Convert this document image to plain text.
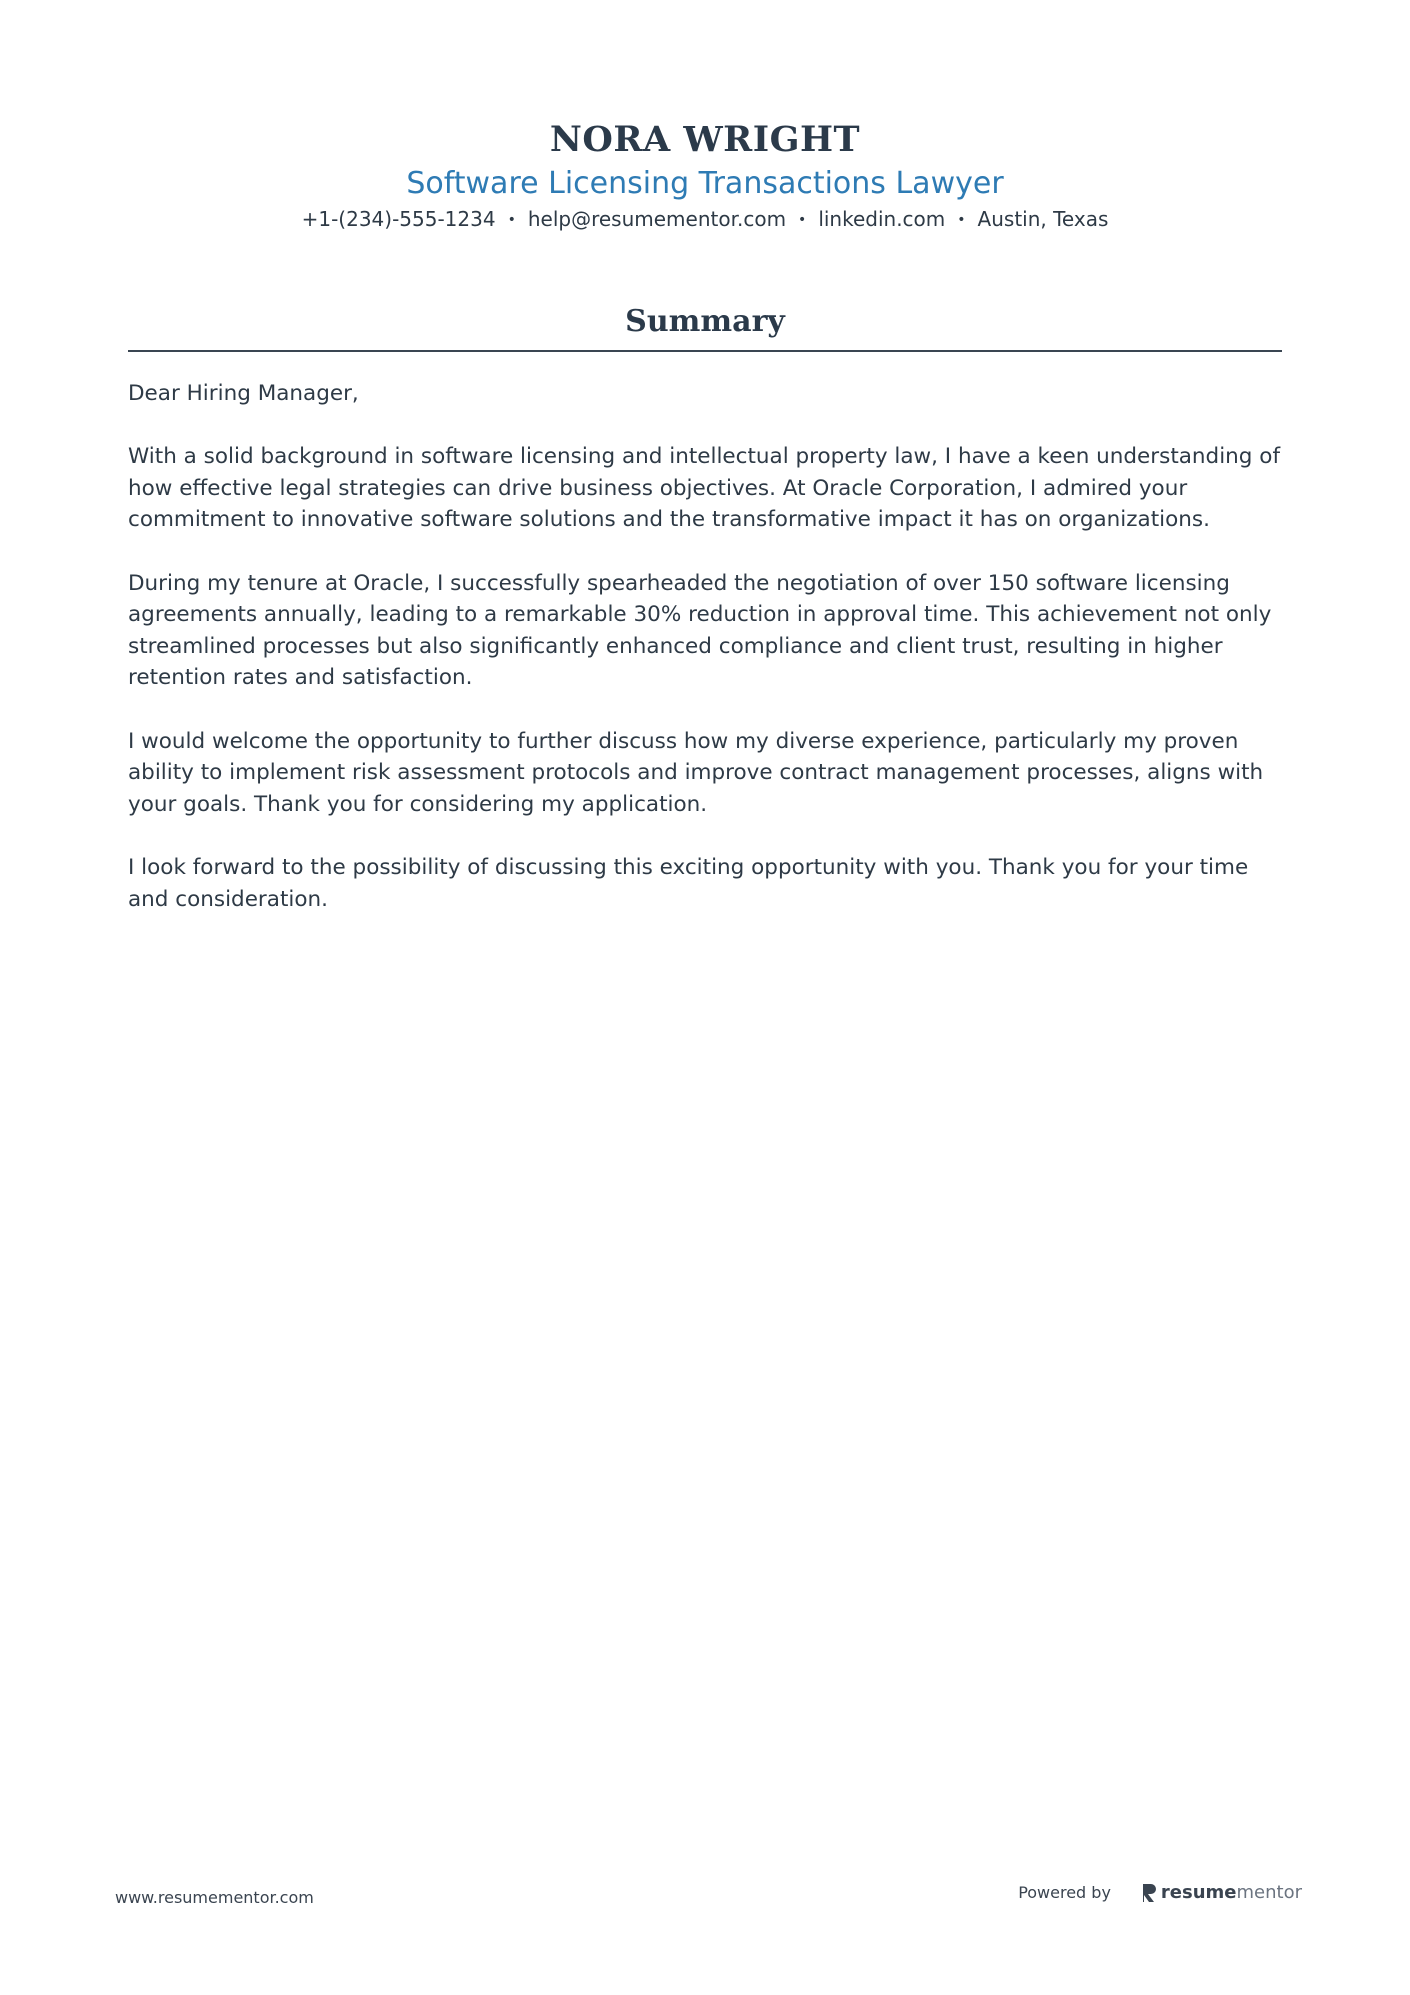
NORA WRIGHT
Software Licensing Transactions Lawyer
+1-(234)-555-1234 • help@resumementor.com • linkedin.com • Austin, Texas
Summary

Dear Hiring Manager,

With a solid background in software licensing and intellectual property law, I have a keen understanding of how effective legal strategies can drive business objectives. At Oracle Corporation, I admired your commitment to innovative software solutions and the transformative impact it has on organizations.

During my tenure at Oracle, I successfully spearheaded the negotiation of over 150 software licensing agreements annually, leading to a remarkable 30% reduction in approval time. This achievement not only streamlined processes but also significantly enhanced compliance and client trust, resulting in higher retention rates and satisfaction.

I would welcome the opportunity to further discuss how my diverse experience, particularly my proven ability to implement risk assessment protocols and improve contract management processes, aligns with your goals. Thank you for considering my application.

I look forward to the possibility of discussing this exciting opportunity with you. Thank you for your time and consideration.

www.resumementor.com	Powered by	resume mentor
